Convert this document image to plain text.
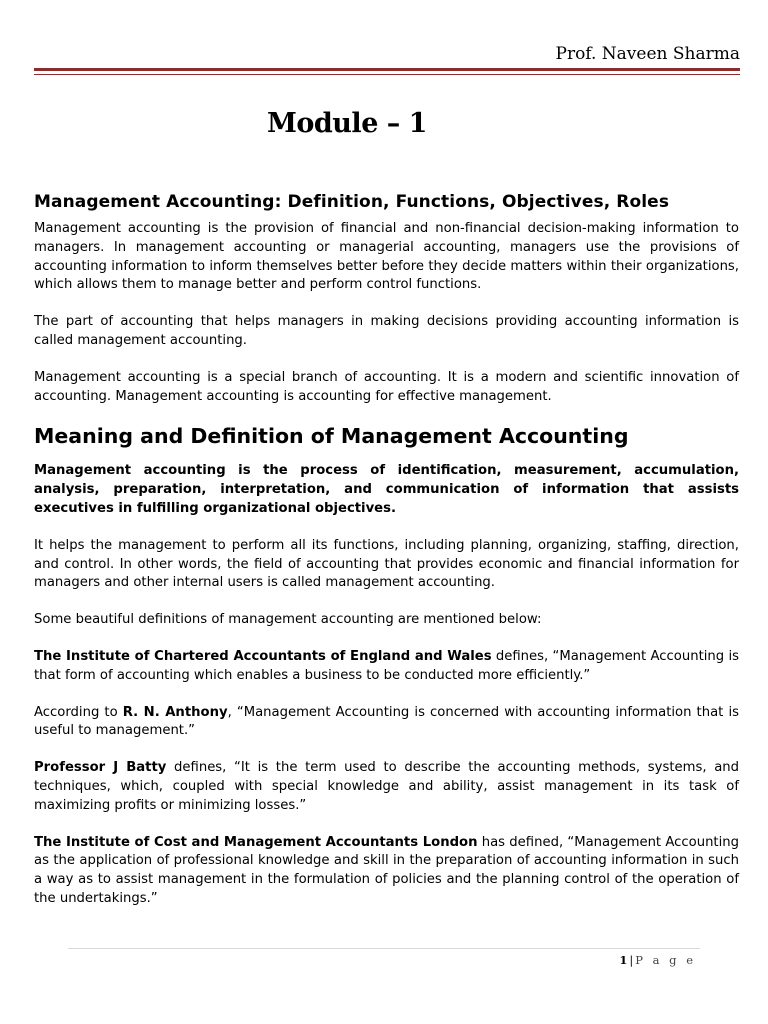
Prof. Naveen Sharma
Module – 1
Management Accounting: Definition, Functions, Objectives, Roles

Management accounting is the provision of financial and non-financial decision-making information to managers. In management accounting or managerial accounting, managers use the provisions of accounting information to inform themselves better before they decide matters within their organizations, which allows them to manage better and perform control functions.

The part of accounting that helps managers in making decisions providing accounting information is called management accounting.

Management accounting is a special branch of accounting. It is a modern and scientific innovation of accounting. Management accounting is accounting for effective management.

Meaning and Definition of Management Accounting

Management accounting is the process of identification, measurement, accumulation, analysis, preparation, interpretation, and communication of information that assists executives in fulfilling organizational objectives.

It helps the management to perform all its functions, including planning, organizing, staffing, direction, and control. In other words, the field of accounting that provides economic and financial information for managers and other internal users is called management accounting.

Some beautiful definitions of management accounting are mentioned below:

The Institute of Chartered Accountants of England and Wales defines, “Management Accounting is that form of accounting which enables a business to be conducted more efficiently.”

According to R. N. Anthony, “Management Accounting is concerned with accounting information that is useful to management.”

Professor J Batty defines, “It is the term used to describe the accounting methods, systems, and techniques, which, coupled with special knowledge and ability, assist management in its task of maximizing profits or minimizing losses.”

The Institute of Cost and Management Accountants London has defined, “Management Accounting as the application of professional knowledge and skill in the preparation of accounting information in such a way as to assist management in the formulation of policies and the planning control of the operation of the undertakings.”

1 | P a g e
